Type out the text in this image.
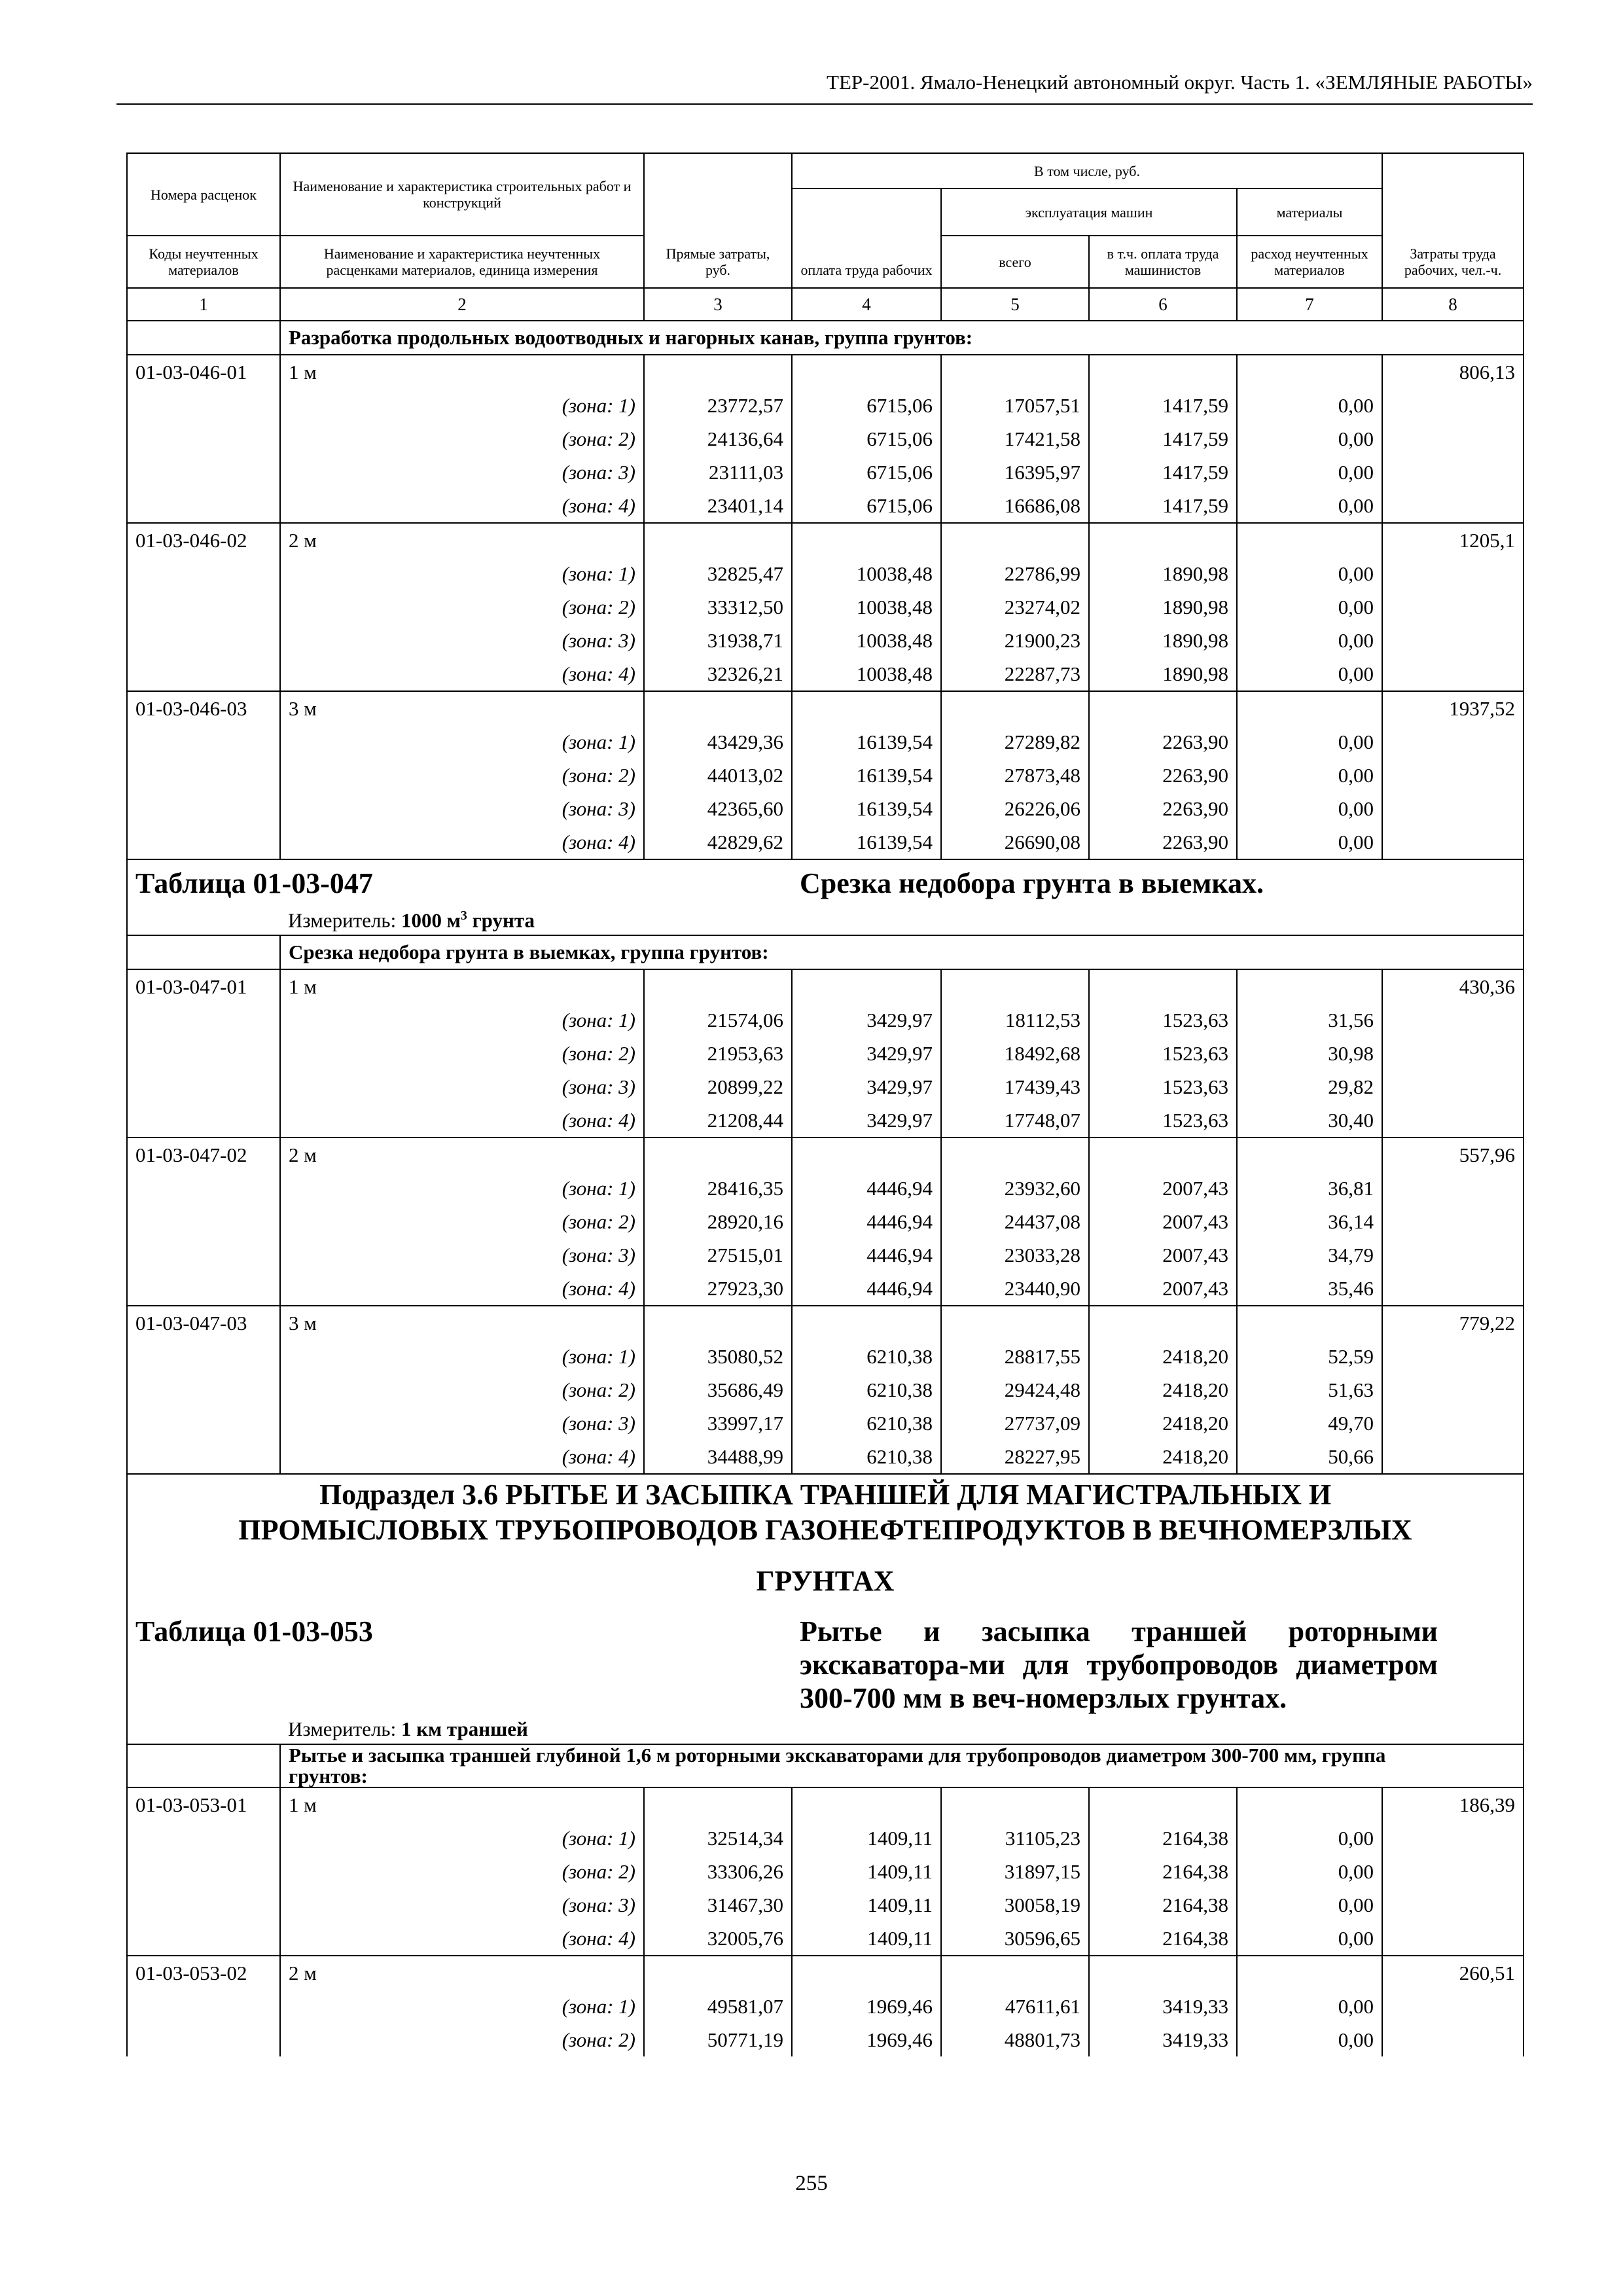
ТЕР-2001. Ямало-Ненецкий автономный округ. Часть 1. «ЗЕМЛЯНЫЕ РАБОТЫ»
Номера расценок	Наименование и характеристика строительных работ и конструкций	Прямые затраты, руб.	В том числе, руб.				Затраты труда рабочих, чел.-ч.
			оплата труда рабочих	эксплуатация машин		материалы	
Коды неучтенных материалов	Наименование и характеристика неучтенных расценками материалов, единица измерения			всего	в т.ч. оплата труда машинистов	расход неучтенных материалов	
1	2	3	4	5	6	7	8
	Разработка продольных водоотводных и нагорных канав, группа грунтов:						
01-03-046-01	1 м						806,13
	(зона: 1)	23772,57	6715,06	17057,51	1417,59	0,00	
	(зона: 2)	24136,64	6715,06	17421,58	1417,59	0,00	
	(зона: 3)	23111,03	6715,06	16395,97	1417,59	0,00	
	(зона: 4)	23401,14	6715,06	16686,08	1417,59	0,00	
01-03-046-02	2 м						1205,1
	(зона: 1)	32825,47	10038,48	22786,99	1890,98	0,00	
	(зона: 2)	33312,50	10038,48	23274,02	1890,98	0,00	
	(зона: 3)	31938,71	10038,48	21900,23	1890,98	0,00	
	(зона: 4)	32326,21	10038,48	22287,73	1890,98	0,00	
01-03-046-03	3 м						1937,52
	(зона: 1)	43429,36	16139,54	27289,82	2263,90	0,00	
	(зона: 2)	44013,02	16139,54	27873,48	2263,90	0,00	
	(зона: 3)	42365,60	16139,54	26226,06	2263,90	0,00	
	(зона: 4)	42829,62	16139,54	26690,08	2263,90	0,00	
Таблица 01-03-047			Срезка недобора грунта в выемках.				
	Измеритель: 1000 $м^3$ грунта						
	Срезка недобора грунта в выемках, группа грунтов:						
01-03-047-01	1 м						430,36
	(зона: 1)	21574,06	3429,97	18112,53	1523,63	31,56	
	(зона: 2)	21953,63	3429,97	18492,68	1523,63	30,98	
	(зона: 3)	20899,22	3429,97	17439,43	1523,63	29,82	
	(зона: 4)	21208,44	3429,97	17748,07	1523,63	30,40	
01-03-047-02	2 м						557,96
	(зона: 1)	28416,35	4446,94	23932,60	2007,43	36,81	
	(зона: 2)	28920,16	4446,94	24437,08	2007,43	36,14	
	(зона: 3)	27515,01	4446,94	23033,28	2007,43	34,79	
	(зона: 4)	27923,30	4446,94	23440,90	2007,43	35,46	
01-03-047-03	3 м						779,22
	(зона: 1)	35080,52	6210,38	28817,55	2418,20	52,59	
	(зона: 2)	35686,49	6210,38	29424,48	2418,20	51,63	
	(зона: 3)	33997,17	6210,38	27737,09	2418,20	49,70	
	(зона: 4)	34488,99	6210,38	28227,95	2418,20	50,66	

Подраздел 3.6 РЫТЬЕ И ЗАСЫПКА ТРАНШЕЙ ДЛЯ МАГИСТРАЛЬНЫХ И
ПРОМЫСЛОВЫХ ТРУБОПРОВОДОВ ГАЗОНЕФТЕПРОДУКТОВ В ВЕЧНОМЕРЗЛЫХ
ГРУНТАХ							

Таблица 01-03-053			Рытье и засыпка траншей роторными экскаватора-ми для трубопроводов диаметром 300-700 мм в веч-номерзлых грунтах.				
	Измеритель: 1 км траншей						
	Рытье и засыпка траншей глубиной 1,6 м роторными экскаваторами для трубопроводов диаметром 300-700 мм, группа грунтов:						
01-03-053-01	1 м						186,39
	(зона: 1)	32514,34	1409,11	31105,23	2164,38	0,00	
	(зона: 2)	33306,26	1409,11	31897,15	2164,38	0,00	
	(зона: 3)	31467,30	1409,11	30058,19	2164,38	0,00	
	(зона: 4)	32005,76	1409,11	30596,65	2164,38	0,00	
01-03-053-02	2 м						260,51
	(зона: 1)	49581,07	1969,46	47611,61	3419,33	0,00	
	(зона: 2)	50771,19	1969,46	48801,73	3419,33	0,00	
255
